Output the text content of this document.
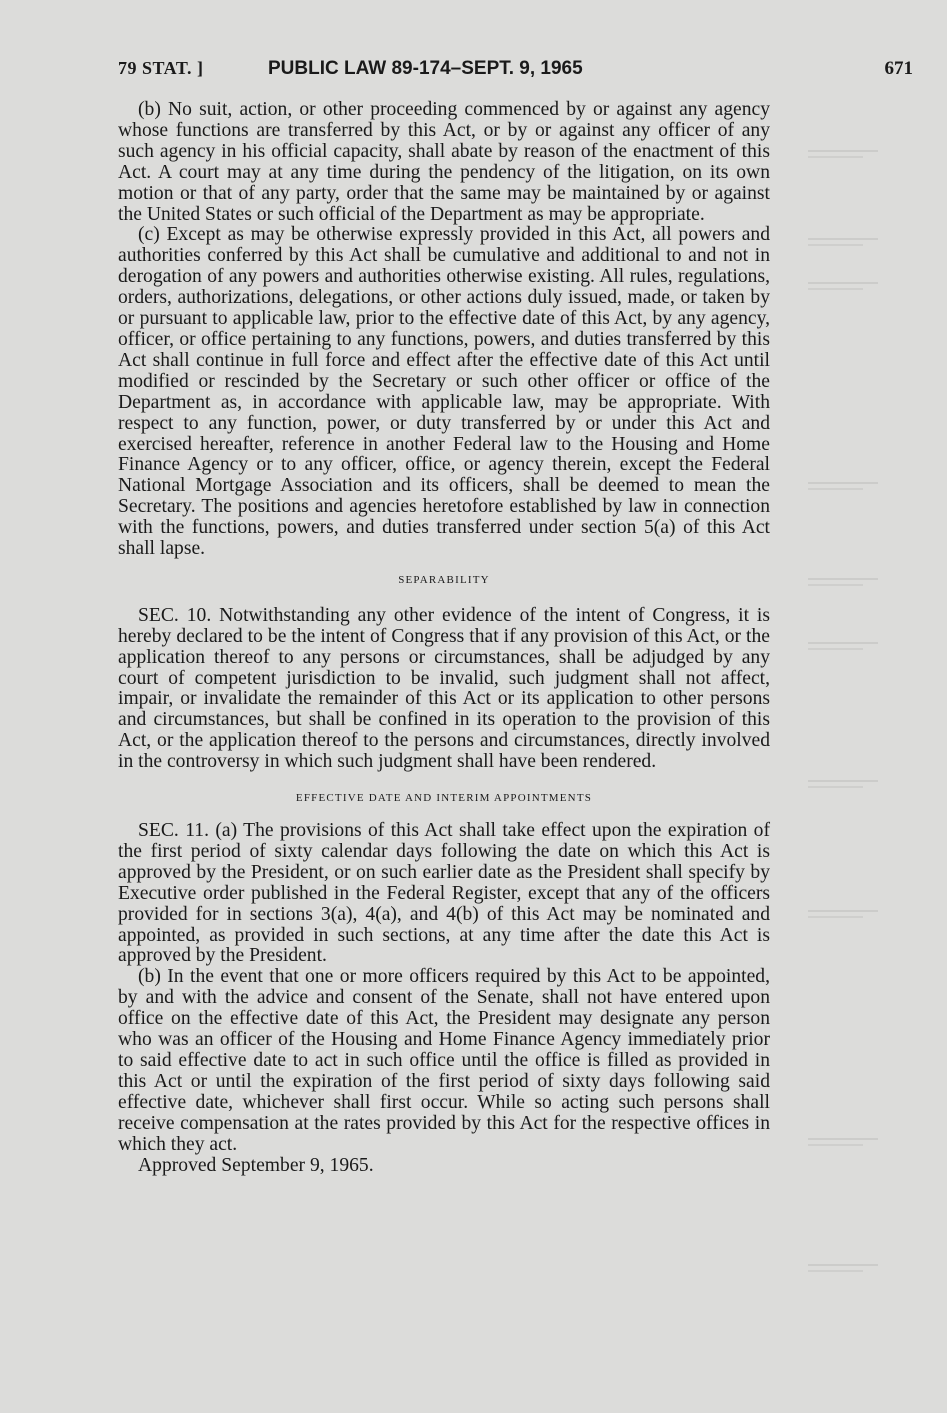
79 STAT. ]	PUBLIC LAW 89-174–SEPT. 9, 1965	671

(b) No suit, action, or other proceeding commenced by or against any agency whose functions are transferred by this Act, or by or against any officer of any such agency in his official capacity, shall abate by reason of the enactment of this Act. A court may at any time during the pendency of the litigation, on its own motion or that of any party, order that the same may be maintained by or against the United States or such official of the Department as may be appropriate.

(c) Except as may be otherwise expressly provided in this Act, all powers and authorities conferred by this Act shall be cumulative and additional to and not in derogation of any powers and authorities otherwise existing. All rules, regulations, orders, authorizations, delegations, or other actions duly issued, made, or taken by or pursuant to applicable law, prior to the effective date of this Act, by any agency, officer, or office pertaining to any functions, powers, and duties transferred by this Act shall continue in full force and effect after the effective date of this Act until modified or rescinded by the Secretary or such other officer or office of the Department as, in accordance with applicable law, may be appropriate. With respect to any function, power, or duty transferred by or under this Act and exercised hereafter, reference in another Federal law to the Housing and Home Finance Agency or to any officer, office, or agency therein, except the Federal National Mortgage Association and its officers, shall be deemed to mean the Secretary. The positions and agencies heretofore established by law in connection with the functions, powers, and duties transferred under section 5(a) of this Act shall lapse.

SEPARABILITY

SEC. 10. Notwithstanding any other evidence of the intent of Congress, it is hereby declared to be the intent of Congress that if any provision of this Act, or the application thereof to any persons or circumstances, shall be adjudged by any court of competent jurisdiction to be invalid, such judgment shall not affect, impair, or invalidate the remainder of this Act or its application to other persons and circumstances, but shall be confined in its operation to the provision of this Act, or the application thereof to the persons and circumstances, directly involved in the controversy in which such judgment shall have been rendered.

EFFECTIVE DATE AND INTERIM APPOINTMENTS

SEC. 11. (a) The provisions of this Act shall take effect upon the expiration of the first period of sixty calendar days following the date on which this Act is approved by the President, or on such earlier date as the President shall specify by Executive order published in the Federal Register, except that any of the officers provided for in sections 3(a), 4(a), and 4(b) of this Act may be nominated and appointed, as provided in such sections, at any time after the date this Act is approved by the President.

(b) In the event that one or more officers required by this Act to be appointed, by and with the advice and consent of the Senate, shall not have entered upon office on the effective date of this Act, the President may designate any person who was an officer of the Housing and Home Finance Agency immediately prior to said effective date to act in such office until the office is filled as provided in this Act or until the expiration of the first period of sixty days following said effective date, whichever shall first occur. While so acting such persons shall receive compensation at the rates provided by this Act for the respective offices in which they act.

Approved September 9, 1965.
